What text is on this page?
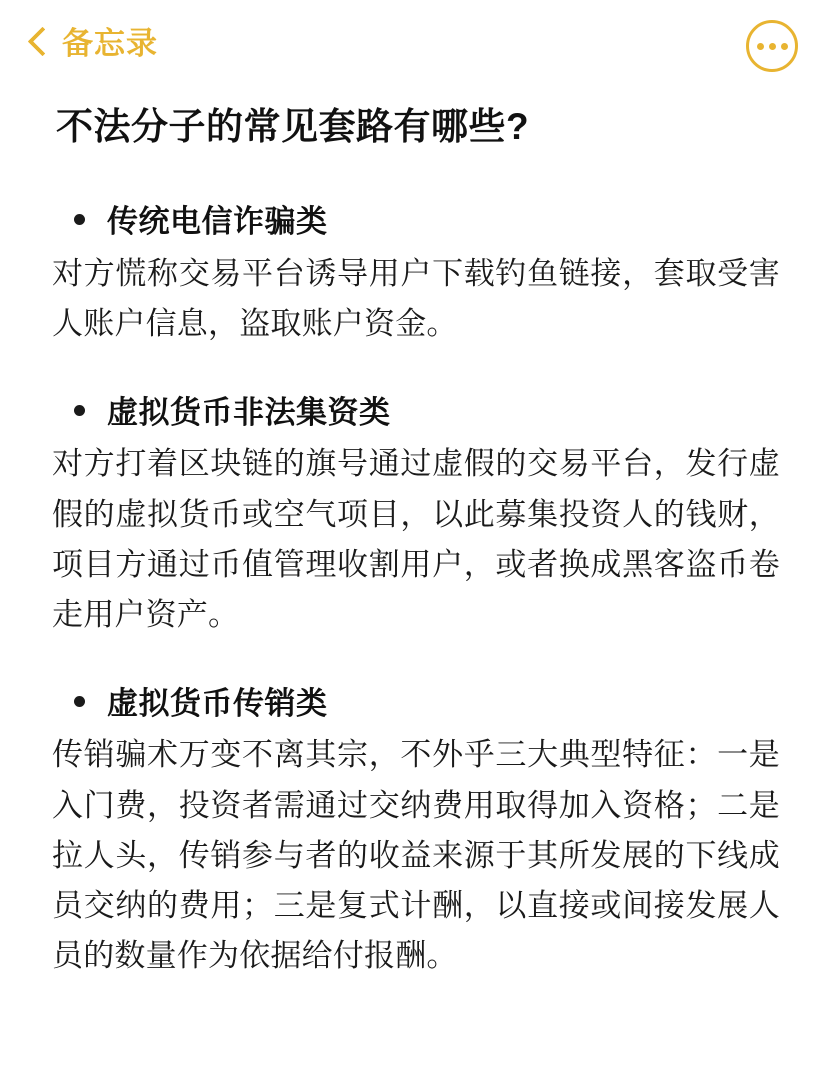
备忘录
不法分子的常见套路有哪些?
传统电信诈骗类

对方慌称交易平台诱导用户下载钓鱼链接，套取受害人账户信息，盗取账户资金。

虚拟货币非法集资类

对方打着区块链的旗号通过虚假的交易平台，发行虚假的虚拟货币或空气项目，以此募集投资人的钱财，项目方通过币值管理收割用户，或者换成黑客盗币卷走用户资产。

虚拟货币传销类

传销骗术万变不离其宗，不外乎三大典型特征：一是入门费，投资者需通过交纳费用取得加入资格；二是拉人头，传销参与者的收益来源于其所发展的下线成员交纳的费用；三是复式计酬，以直接或间接发展人员的数量作为依据给付报酬。
